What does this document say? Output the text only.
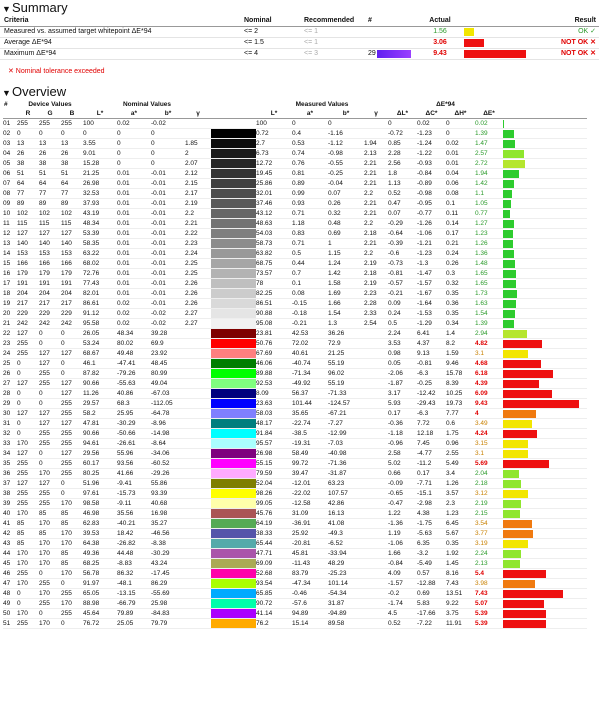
▼Summary
Criteria	Nominal	Recommended #	Actual	Result
Measured vs. assumed target whitepoint ΔE*94	<= 2	<= 1	1.56	OK ✓
Average ΔE*94	<= 1.5	<= 1	3.06	NOT OK ✕
Maximum ΔE*94	<= 4	<= 3	29	9.43	NOT OK ✕
✕ Nominal tolerance exceeded
▼Overview
#	Device Values			Nominal Values					Measured Values				ΔE*94				
	R	G	B	L*	a*	b*	γ		L*	a*	b*	γ	ΔL*	ΔC*	ΔH*	ΔE*	
01	255	255	255	100	0.02	-0.02			100	0	0		0	0.02	0	0.02	

02	0	0	0	0	0	0			0.72	0.4	-1.16		-0.72	-1.23	0	1.39	

03	13	13	13	3.55	0	0	1.85		2.7	0.53	-1.12	1.94	0.85	-1.24	0.02	1.47	

04	26	26	26	9.01	0	0	2		6.73	0.74	-0.98	2.13	2.28	-1.22	0.01	2.57	

05	38	38	38	15.28	0	0	2.07		12.72	0.76	-0.55	2.21	2.56	-0.93	0.01	2.72	

06	51	51	51	21.25	0.01	-0.01	2.12		19.45	0.81	-0.25	2.21	1.8	-0.84	0.04	1.94	

07	64	64	64	26.98	0.01	-0.01	2.15		25.86	0.89	-0.04	2.21	1.13	-0.89	0.06	1.42	

08	77	77	77	32.53	0.01	-0.01	2.17		32.01	0.99	0.07	2.2	0.52	-0.98	0.08	1.1	

09	89	89	89	37.93	0.01	-0.01	2.19		37.46	0.93	0.26	2.21	0.47	-0.95	0.1	1.05	

10	102	102	102	43.19	0.01	-0.01	2.2		43.12	0.71	0.32	2.21	0.07	-0.77	0.11	0.77	

11	115	115	115	48.34	0.01	-0.01	2.21		48.63	1.18	0.48	2.2	-0.29	-1.26	0.14	1.27	

12	127	127	127	53.39	0.01	-0.01	2.22		54.03	0.83	0.69	2.18	-0.64	-1.06	0.17	1.23	

13	140	140	140	58.35	0.01	-0.01	2.23		58.73	0.71	1	2.21	-0.39	-1.21	0.21	1.26	

14	153	153	153	63.22	0.01	-0.01	2.24		63.82	0.5	1.15	2.2	-0.6	-1.23	0.24	1.36	

15	166	166	166	68.02	0.01	-0.01	2.25		68.75	0.44	1.24	2.19	-0.73	-1.3	0.26	1.48	

16	179	179	179	72.76	0.01	-0.01	2.25		73.57	0.7	1.42	2.18	-0.81	-1.47	0.3	1.65	

17	191	191	191	77.43	0.01	-0.01	2.26		78	0.1	1.58	2.19	-0.57	-1.57	0.32	1.65	

18	204	204	204	82.01	0.01	-0.01	2.26		82.25	0.08	1.69	2.23	-0.21	-1.67	0.35	1.73	

19	217	217	217	86.61	0.02	-0.01	2.26		86.51	-0.15	1.66	2.28	0.09	-1.64	0.36	1.63	

20	229	229	229	91.12	0.02	-0.02	2.27		90.88	-0.18	1.54	2.33	0.24	-1.53	0.35	1.54	

21	242	242	242	95.58	0.02	-0.02	2.27		95.08	-0.21	1.3	2.54	0.5	-1.29	0.34	1.39	

22	127	0	0	26.05	48.34	39.28			23.81	42.53	36.26		2.24	6.41	1.4	2.94	

23	255	0	0	53.24	80.02	69.9			50.76	72.02	72.9		3.53	4.37	8.2	4.82	

24	255	127	127	68.67	49.48	23.92			67.69	40.61	21.25		0.98	9.13	1.59	3.1	

25	0	127	0	46.1	-47.41	48.45			46.06	-40.74	55.19		0.05	-0.81	9.46	4.68	

26	0	255	0	87.82	-79.26	80.99			89.88	-71.34	96.02		-2.06	-6.3	15.78	6.18	

27	127	255	127	90.66	-55.63	49.04			92.53	-49.92	55.19		-1.87	-0.25	8.39	4.39	

28	0	0	127	11.26	40.86	-67.03			8.09	56.37	-71.33		3.17	-12.42	10.25	6.09	

29	0	0	255	29.57	68.3	-112.05			23.63	101.44	-124.57		5.93	-29.43	19.73	9.43	

30	127	127	255	58.2	25.95	-64.78			58.03	35.65	-67.21		0.17	-6.3	7.77	4	

31	0	127	127	47.81	-30.29	-8.96			48.17	-22.74	-7.27		-0.36	7.72	0.6	3.49	

32	0	255	255	90.66	-50.66	-14.98			91.84	-38.5	-12.99		-1.18	12.18	1.75	4.24	

33	170	255	255	94.61	-26.61	-8.64			95.57	-19.31	-7.03		-0.96	7.45	0.96	3.15	

34	127	0	127	29.56	55.96	-34.06			26.98	58.49	-40.98		2.58	-4.77	2.55	3.1	

35	255	0	255	60.17	93.56	-60.52			55.15	99.72	-71.36		5.02	-11.2	5.49	5.69	

36	255	170	255	80.25	41.66	-29.26			79.59	39.47	-31.87		0.66	0.17	3.4	2.04	

37	127	127	0	51.96	-9.41	55.86			52.04	-12.01	63.23		-0.09	-7.71	1.26	2.18	

38	255	255	0	97.61	-15.73	93.39			98.26	-22.02	107.57		-0.65	-15.1	3.57	3.12	

39	255	255	170	98.58	-9.11	40.68			99.05	-12.58	42.86		-0.47	-2.98	2.3	2.19	

40	170	85	85	46.98	35.56	16.98			45.76	31.09	16.13		1.22	4.38	1.23	2.15	

41	85	170	85	62.83	-40.21	35.27			64.19	-36.91	41.08		-1.36	-1.75	6.45	3.54	

42	85	85	170	39.53	18.42	-46.56			38.33	25.92	-49.3		1.19	-5.63	5.67	3.77	

43	85	170	170	64.38	-26.82	-8.38			65.44	-20.81	-6.52		-1.06	6.35	0.35	3.19	

44	170	170	85	49.36	44.48	-30.29			47.71	45.81	-33.94		1.66	-3.2	1.92	2.24	

45	170	170	85	68.25	-8.83	43.24			69.09	-11.43	48.29		-0.84	-5.49	1.45	2.13	

46	255	0	170	56.78	86.32	-17.45			52.68	83.79	-25.23		4.09	0.57	8.16	5.4	

47	170	255	0	91.97	-48.1	86.29			93.54	-47.34	101.14		-1.57	-12.88	7.43	3.98	

48	0	170	255	65.05	-13.15	-55.69			65.85	-0.46	-54.34		-0.2	0.69	13.51	7.43	

49	0	255	170	88.98	-66.79	25.98			90.72	-57.6	31.87		-1.74	5.83	9.22	5.07	

50	170	0	255	45.64	79.89	-84.83			41.14	94.89	-94.89		4.5	-17.66	3.75	5.39	

51	255	170	0	76.72	25.05	79.79			76.2	15.14	89.58		0.52	-7.22	11.91	5.39	
